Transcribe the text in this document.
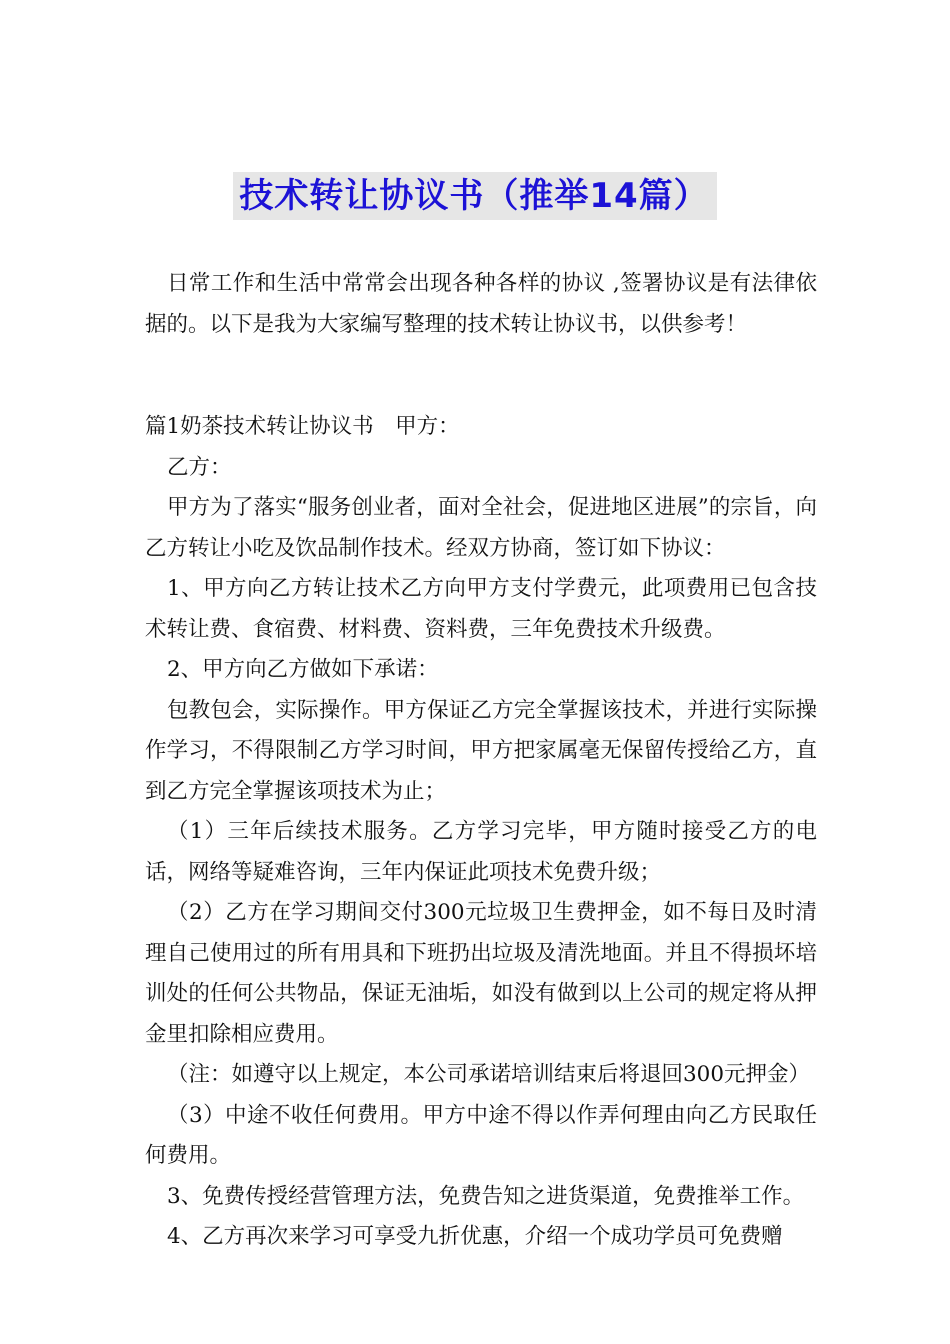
技术转让协议书（推举14篇）

日常工作和生活中常常会出现各种各样的协议 ,签署协议是有法律依据的。以下是我为大家编写整理的技术转让协议书，以供参考！

篇1奶茶技术转让协议书　甲方：

乙方：

甲方为了落实“服务创业者，面对全社会，促进地区进展”的宗旨，向乙方转让小吃及饮品制作技术。经双方协商，签订如下协议：

1、甲方向乙方转让技术乙方向甲方支付学费元，此项费用已包含技术转让费、食宿费、材料费、资料费，三年免费技术升级费。

2、甲方向乙方做如下承诺：

包教包会，实际操作。甲方保证乙方完全掌握该技术，并进行实际操作学习，不得限制乙方学习时间，甲方把家属毫无保留传授给乙方，直到乙方完全掌握该项技术为止；

（1）三年后续技术服务。乙方学习完毕，甲方随时接受乙方的电话，网络等疑难咨询，三年内保证此项技术免费升级；

（2）乙方在学习期间交付300元垃圾卫生费押金，如不每日及时清理自己使用过的所有用具和下班扔出垃圾及清洗地面。并且不得损坏培训处的任何公共物品，保证无油垢，如没有做到以上公司的规定将从押金里扣除相应费用。

（注：如遵守以上规定，本公司承诺培训结束后将退回300元押金）

（3）中途不收任何费用。甲方中途不得以作弄何理由向乙方民取任何费用。

3、免费传授经营管理方法，免费告知之进货渠道，免费推举工作。

4、乙方再次来学习可享受九折优惠，介绍一个成功学员可免费赠
